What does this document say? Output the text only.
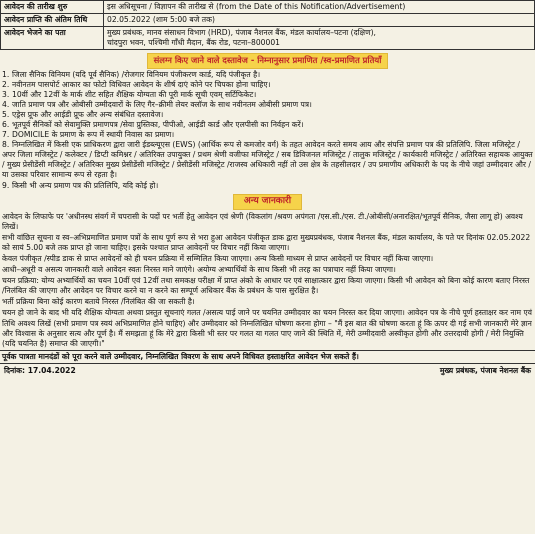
आवेदन की तारीख शुरु	इस अधिसूचना / विज्ञापन की तारीख से (from the Date of this Notification/Advertisement)
आवेदन प्राप्ति की अंतिम तिथि	02.05.2022 (शाम 5:00 बजे तक)
आवेदन भेजने का पता	मुख्य प्रबंधक, मानव संसाधन विभाग (HRD), पंजाब नैशनल बैंक, मंडल कार्यालय–पटना (दक्षिण),
चांदपुरा भवन, पश्चिमी गाँधी मैदान, बैंक रोड, पटना–800001
संलग्न किए जाने वाले दस्तावेज - निम्नानुसार प्रमाणित /स्व-प्रमाणित प्रतियाँ
1. जिला सैनिक विनियम (यदि पूर्व सैनिक) /रोजगार विनियम पंजीकरण कार्ड, यदि पंजीकृत है।
2. नवीनतम पासपोर्ट आकार का फोटो विधिवत आवेदन के शीर्ष दाएं कोने पर चिपका होना चाहिए।
3. 10वीं और 12वीं के मार्क शीट सहित शैक्षिक योग्यता की पूरी मार्क सूची एवम् सर्टिफिकेट।
4. जाति प्रमाण पत्र और ओबीसी उम्मीदवारों के लिए गैर–क्रीमी लेयर क्लॉज के साथ नवीनतम ओबीसी प्रमाण पत्र।
5. एड्रेस प्रूफ और आईडी प्रूफ और अन्य संबंधित दस्तावेज।
6. भूतपूर्व सैनिकों को सेवामुक्ति प्रमाणपत्र /सेवा प्रुस्तिका, पीपीओ, आईडी कार्ड और एलपीसी का निर्वहन करें।
7. DOMICILE के प्रमाण के रूप में स्थायी निवास का प्रमाण।
8. निम्नलिखित में किसी एक प्राधिकरण द्वारा जारी ईडब्ल्यूएस (EWS) (आर्थिक रूप से कमजोर वर्ग) के तहत आवेदन करते समय आय और संपत्ति प्रमाण पत्र की प्रतिलिपि. जिला मजिस्ट्रेट /अपर जिला मजिस्ट्रेट / कलेक्टर / डिप्टी कमिश्नर / अतिरिक्त उपायुक्त / प्रथम श्रेणी वजीफा मजिस्ट्रेट / सब डिविजनल मजिस्ट्रेट / तालुक मजिस्ट्रेट / कार्यकारी मजिस्ट्रेट / अतिरिक्त सहायक आयुक्त / मुख्य प्रेसीडेंसी मजिस्ट्रेट / अतिरिक्त मुख्य प्रेसीडेंसी मजिस्ट्रेट / प्रेसीडेंसी मजिस्ट्रेट /राजस्व अधिकारी नहीं तो उस क्षेत्र के तहसीलदार / उप प्रमाणीय अधिकारी के पद के नीचे जहां उम्मीदवार और /या उसका परिवार सामान्य रूप से रहता है।
9. किसी भी अन्य प्रमाण पत्र की प्रतिलिपि, यदि कोई हो।
अन्य जानकारी
आवेदन के लिफाफे पर 'अधीनस्थ संवर्ग में चपरासी के पदों पर भर्ती हेतु आवेदन एवं श्रेणी (विकलांग /श्रवण अपंगता /एस.सी./एस. टी./ओबीसी/अनारक्षित/भूतपूर्व सैनिक, जैसा लागू हो) अवश्य लिखें।
सभी वांछित सूचना व स्व–अभिप्रमाणित प्रमाण पत्रों के साथ पूर्ण रूप से भरा हुआ आवेदन पंजीकृत डाक द्वारा मुख्यप्रबंधक, पंजाब नैशनल बैंक, मंडल कार्यालय, के पते पर दिनांक 02.05.2022 को सायं 5.00 बजे तक प्राप्त हो जाना चाहिए। इसके पश्चात प्राप्त आवेदनों पर विचार नहीं किया जाएगा।
केवल पंजीकृत /स्पीड डाक से प्राप्त आवेदनों को ही चयन प्रक्रिया में सम्मिलित किया जाएगा। अन्य किसी माध्यम से प्राप्त आवेदनों पर विचार नहीं किया जाएगा।
आधी–अधूरी व असत्य जानकारी वाले आवेदन स्वतः निरस्त माने जाएंगे। अयोग्य अभ्यार्थियों के साथ किसी भी तरह का पत्राचार नहीं किया जाएगा।
चयन प्रक्रिया: योग्य अभ्यार्थियों का चयन 10वीं एवं 12वीं तथा समकक्ष परीक्षा में प्राप्त अंको के आधार पर एवं साक्षात्कार द्वारा किया जाएगा। किसी भी आवेदन को बिना कोई कारण बताए निरस्त /निलंबित की जाएगा और आवेदन पर विचार करने या न करने का सम्पूर्ण अधिकार बैंक के प्रबंधन के पास सुरक्षित है।
भर्ती प्रक्रिया बिना कोई कारण बताये निरस्त /निलंबित की जा सकती है।
चयन हो जाने के बाद भी यदि शैक्षिक योग्यता अथवा प्रस्तुत सूचनाएं गलत /असत्य पाई जाने पर चयनित उम्मीदवार का चयन निरस्त कर दिया जाएगा। आवेदन पत्र के नीचे पूर्ण हस्ताक्षर कर नाम एवं तिथि अवश्य लिखें (सभी प्रमाण पत्र स्वयं अभिप्रमाणित होने चाहिए) और उम्मीदवार को निम्नलिखित घोषणा करना होगा – "मैं इस बात की घोषणा करता हूं कि ऊपर दी गई सभी जानकारी मेरे ज्ञान और विश्वास के अनुसार सत्य और पूर्ण है। मैं समझता हूं कि मेरे द्वारा किसी भी स्तर पर गलत या गलत पाए जाने की स्थिति में, मेरी उम्मीदवारी अस्वीकृत होगी और उत्तरदायी होगी / मेरी नियुक्ति (यदि चयनित है) समाप्त की जाएगी।"
पूर्वक पात्रता मानदंडों को पूरा करने वाले उम्मीदवार, निम्नलिखित विवरण के साथ अपने विधिवत हस्ताक्षरित आवेदन भेज सकते हैं।
दिनांक: 17.04.2022	मुख्य प्रबंधक, पंजाब नेशनल बैंक
